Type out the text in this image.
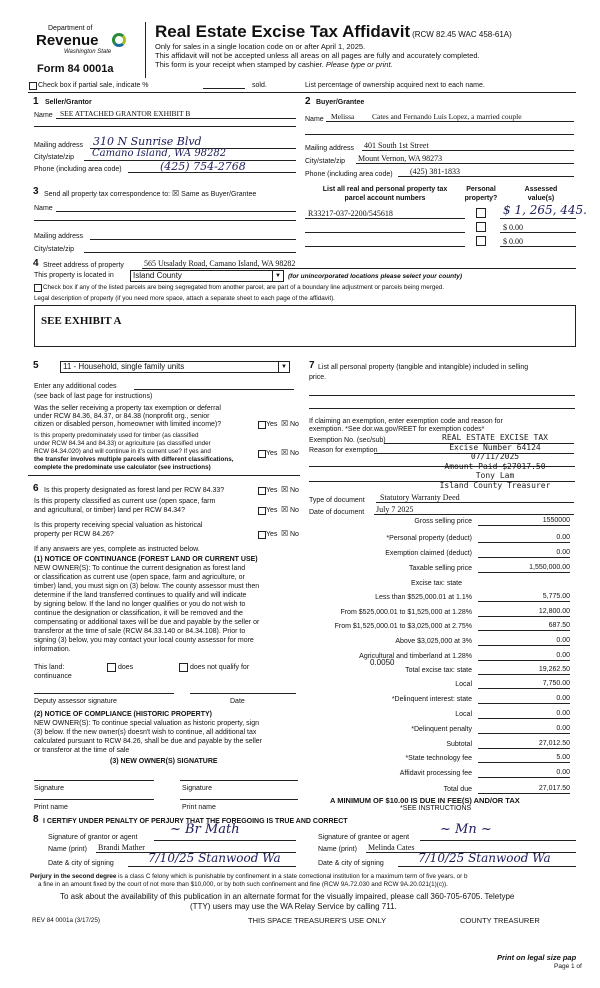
Department of
Revenue
Washington State
Form 84 0001a
Real Estate Excise Tax Affidavit (RCW 82.45 WAC 458-61A)
Only for sales in a single location code on or after April 1, 2025.
This affidavit will not be accepted unless all areas on all pages are fully and accurately completed.
This form is your receipt when stamped by cashier. Please type or print.
Check box if partial sale, indicate %	sold.	List percentage of ownership acquired next to each name.
1 Seller/Grantor
Name SEE ATTACHED GRANTOR EXHIBIT B
Mailing address 310 N Sunrise Blvd
City/state/zip Camano Island, WA 98282
Phone (including area code)	(425) 754-2768
2 Buyer/Grantee
Name Melissa Cates and Fernando Luis Lopez, a married couple
Mailing address 401 South 1st Street
City/state/zip Mount Vernon, WA 98273
Phone (including area code) (425) 381-1833
3 Send all property tax correspondence to: ☒ Same as Buyer/Grantee
Name
Mailing address
City/state/zip
List all real and personal property tax
parcel account numbers
Personal
property?
Assessed
value(s)
R33217-037-2200/545618	$ 1, 265, 445.
$ 0.00
$ 0.00
4 Street address of property	565 Utsalady Road, Camano Island, WA 98282
This property is located in	Island County	▼	(for unincorporated locations please select your county)
Check box if any of the listed parcels are being segregated from another parcel, are part of a boundary line adjustment or parcels being merged.
Legal description of property (if you need more space, attach a separate sheet to each page of the affidavit).
SEE EXHIBIT A
5	11 - Household, single family units	▼
Enter any additional codes
(see back of last page for instructions)
Was the seller receiving a property tax exemption or deferral
under RCW 84.36, 84.37, or 84.38 (nonprofit org., senior
citizen or disabled person, homeowner with limited income)?	Yes ☒ No
Is this property predominately used for timber (as classified
under RCW 84.34 and 84.33) or agriculture (as classified under
RCW 84.34.020) and will continue in it's current use? If yes and
the transfer involves multiple parcels with different classifications,
complete the predominate use calculator (see instructions)
Yes ☒ No
6 Is this property designated as forest land per RCW 84.33?	Yes ☒ No
Is this property classified as current use (open space, farm
and agricultural, or timber) land per RCW 84.34?	Yes ☒ No
Is this property receiving special valuation as historical
property per RCW 84.26?	Yes ☒ No
If any answers are yes, complete as instructed below.
(1) NOTICE OF CONTINUANCE (FOREST LAND OR CURRENT USE)
NEW OWNER(S): To continue the current designation as forest land
or classification as current use (open space, farm and agriculture, or
timber) land, you must sign on (3) below. The county assessor must then
determine if the land transferred continues to qualify and will indicate
by signing below. If the land no longer qualifies or you do not wish to
continue the designation or classification, it will be removed and the
compensating or additional taxes will be due and payable by the seller or
transferor at the time of sale (RCW 84.33.140 or 84.34.108). Prior to
signing (3) below, you may contact your local county assessor for more
information.
This land:	does	does not qualify for
continuance
Deputy assessor signature	Date
(2) NOTICE OF COMPLIANCE (HISTORIC PROPERTY)
NEW OWNER(S): To continue special valuation as historic property, sign
(3) below. If the new owner(s) doesn't wish to continue, all additional tax
calculated pursuant to RCW 84.26, shall be due and payable by the seller
or transferor at the time of sale
(3) NEW OWNER(S) SIGNATURE
Signature	Signature
Print name	Print name
7 List all personal property (tangible and intangible) included in selling
price.
If claiming an exemption, enter exemption code and reason for
exemption. *See dor.wa.gov/REET for exemption codes*
Exemption No. (sec/sub)
Reason for exemption
REAL ESTATE EXCISE TAX
Excise Number 64124
07/11/2025
Amount Paid $27017.50
Tony Lam
Island County Treasurer
Type of document Statutory Warranty Deed
Date of document July 7 2025
Gross selling price	1550000
*Personal property (deduct)	0.00
Exemption claimed (deduct)	0.00
Taxable selling price	1,550,000.00
Excise tax: state
Less than $525,000.01 at 1.1%	5,775.00
From $525,000.01 to $1,525,000 at 1.28%	12,800.00
From $1,525,000.01 to $3,025,000 at 2.75%	687.50
Above $3,025,000 at 3%	0.00
Agricultural and timberland at 1.28%	0.00
Total excise tax: state	19,262.50
Local	7,750.00
*Delinquent interest: state	0.00
Local	0.00
*Delinquent penalty	0.00
Subtotal	27,012.50
*State technology fee	5.00
Affidavit processing fee	0.00
Total due	27,017.50
0.0050
A MINIMUM OF $10.00 IS DUE IN FEE(S) AND/OR TAX
*SEE INSTRUCTIONS
8 I CERTIFY UNDER PENALTY OF PERJURY THAT THE FOREGOING IS TRUE AND CORRECT
Signature of grantor or agent
~ Br Math
Name (print) Brandi Mather
Date & city of signing	7/10/25 Stanwood Wa
Signature of grantee or agent
~ Mn ~
Name (print) Melinda Cates
Date & city of signing	7/10/25 Stanwood Wa
Perjury in the second degree is a class C felony which is punishable by confinement in a state correctional institution for a maximum term of five years, or b
a fine in an amount fixed by the court of not more than $10,000, or by both such confinement and fine (RCW 9A.72.030 and RCW 9A.20.021(1)(c)).
To ask about the availability of this publication in an alternate format for the visually impaired, please call 360-705-6705. Teletype
(TTY) users may use the WA Relay Service by calling 711.
REV 84 0001a (3/17/25)	THIS SPACE TREASURER'S USE ONLY	COUNTY TREASURER
Print on legal size pap
Page 1 of
